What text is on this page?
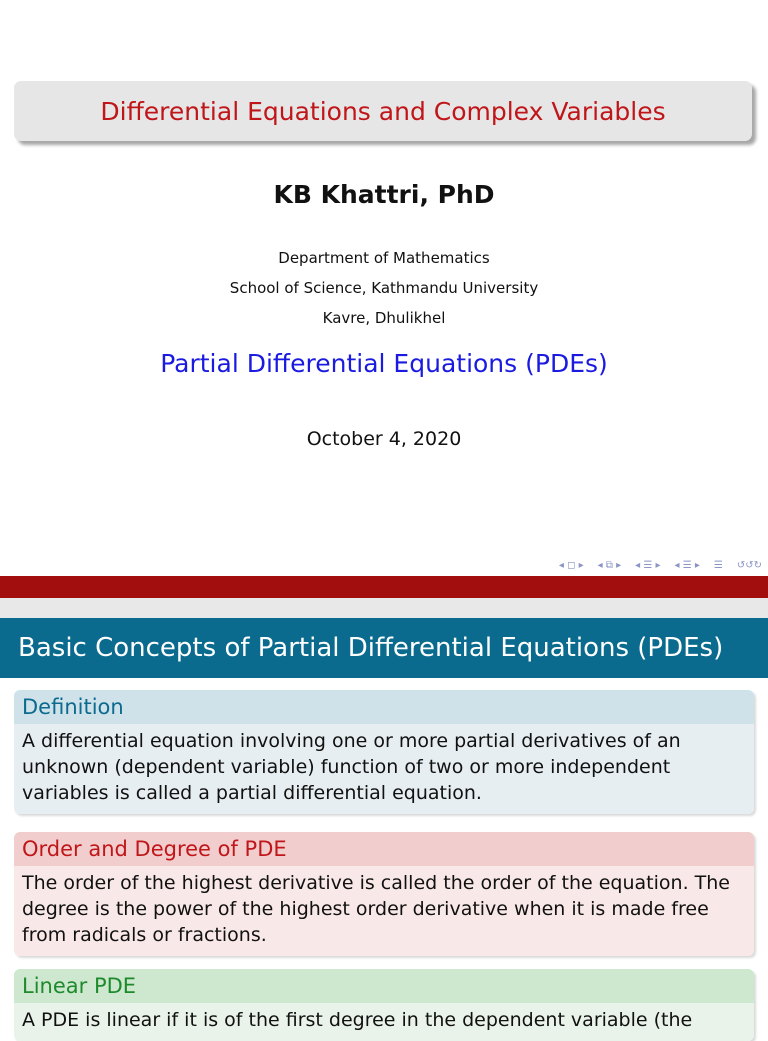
Differential Equations and Complex Variables
KB Khattri, PhD
Department of Mathematics
School of Science, Kathmandu University
Kavre, Dhulikhel
Partial Differential Equations (PDEs)
October 4, 2020
◂ ◻ ▸ ◂ ⧉ ▸ ◂ ☰ ▸ ◂ ☰ ▸ ☰ ↺↺↻
Basic Concepts of Partial Differential Equations (PDEs)
Definition
A differential equation involving one or more partial derivatives of an unknown (dependent variable) function of two or more independent variables is called a partial differential equation.
Order and Degree of PDE
The order of the highest derivative is called the order of the equation. The degree is the power of the highest order derivative when it is made free from radicals or fractions.
Linear PDE
A PDE is linear if it is of the first degree in the dependent variable (the
